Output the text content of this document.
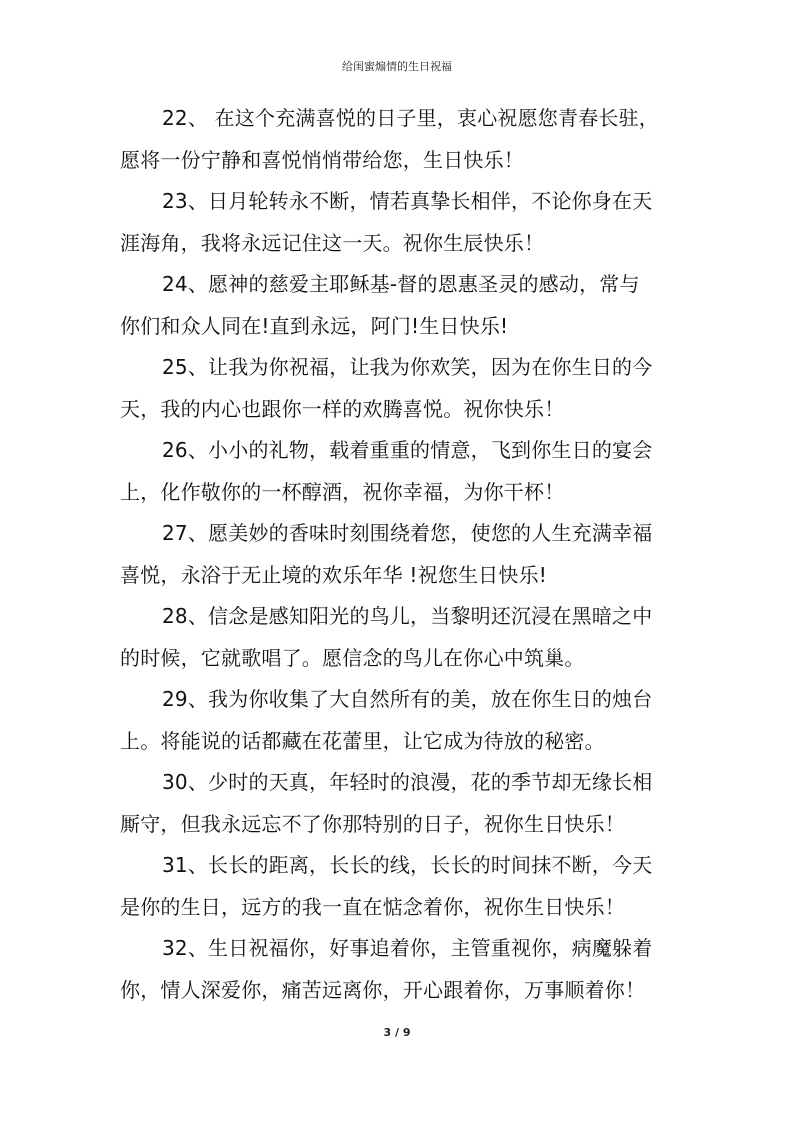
给闺蜜煽情的生日祝福

22、 在这个充满喜悦的日子里，衷心祝愿您青春长驻，
愿将一份宁静和喜悦悄悄带给您，生日快乐！

23、日月轮转永不断，情若真挚长相伴，不论你身在天
涯海角，我将永远记住这一天。祝你生辰快乐！

24、愿神的慈爱主耶稣基-督的恩惠圣灵的感动，常与
你们和众人同在!直到永远，阿门!生日快乐!

25、让我为你祝福，让我为你欢笑，因为在你生日的今
天，我的内心也跟你一样的欢腾喜悦。祝你快乐！

26、小小的礼物，载着重重的情意，飞到你生日的宴会
上，化作敬你的一杯醇酒，祝你幸福，为你干杯！

27、愿美妙的香味时刻围绕着您，使您的人生充满幸福
喜悦，永浴于无止境的欢乐年华 !祝您生日快乐!

28、信念是感知阳光的鸟儿，当黎明还沉浸在黑暗之中
的时候，它就歌唱了。愿信念的鸟儿在你心中筑巢。

29、我为你收集了大自然所有的美，放在你生日的烛台
上。将能说的话都藏在花蕾里，让它成为待放的秘密。

30、少时的天真，年轻时的浪漫，花的季节却无缘长相
厮守，但我永远忘不了你那特别的日子，祝你生日快乐！

31、长长的距离，长长的线，长长的时间抹不断，今天
是你的生日，远方的我一直在惦念着你，祝你生日快乐！

32、生日祝福你，好事追着你，主管重视你，病魔躲着
你，情人深爱你，痛苦远离你，开心跟着你，万事顺着你！

3 / 9
